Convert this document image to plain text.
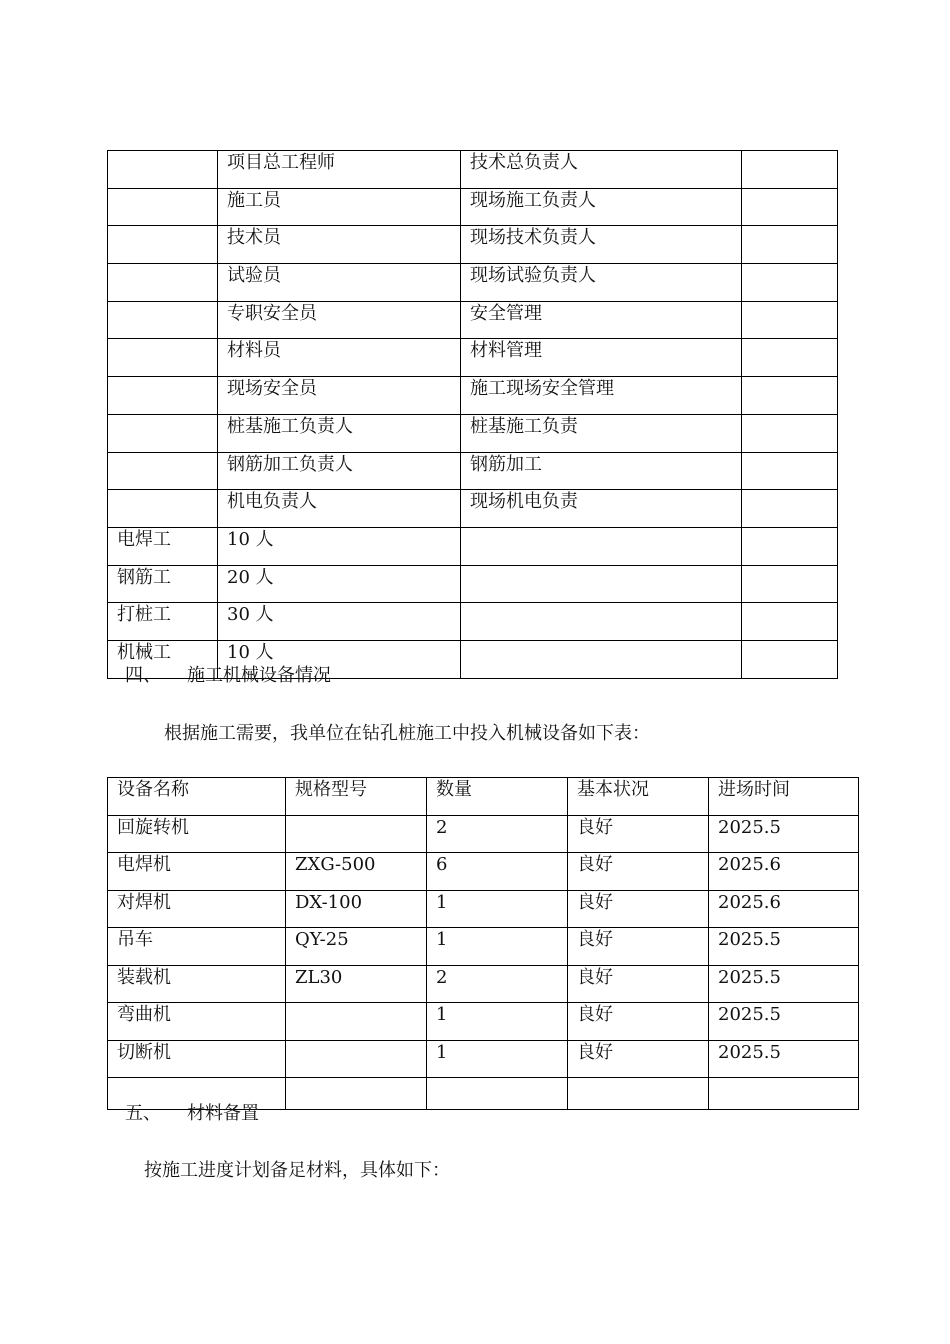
	项目总工程师	技术总负责人	
	施工员	现场施工负责人	
	技术员	现场技术负责人	
	试验员	现场试验负责人	
	专职安全员	安全管理	
	材料员	材料管理	
	现场安全员	施工现场安全管理	
	桩基施工负责人	桩基施工负责	
	钢筋加工负责人	钢筋加工	
	机电负责人	现场机电负责	
电焊工	10 人		
钢筋工	20 人		
打桩工	30 人		
机械工	10 人		
四、 施工机械设备情况
根据施工需要，我单位在钻孔桩施工中投入机械设备如下表：
设备名称	规格型号	数量	基本状况	进场时间
回旋转机		2	良好	2025.5
电焊机	ZXG-500	6	良好	2025.6
对焊机	DX-100	1	良好	2025.6
吊车	QY-25	1	良好	2025.5
装载机	ZL30	2	良好	2025.5
弯曲机		1	良好	2025.5
切断机		1	良好	2025.5

五、 材料备置
按施工进度计划备足材料，具体如下：
